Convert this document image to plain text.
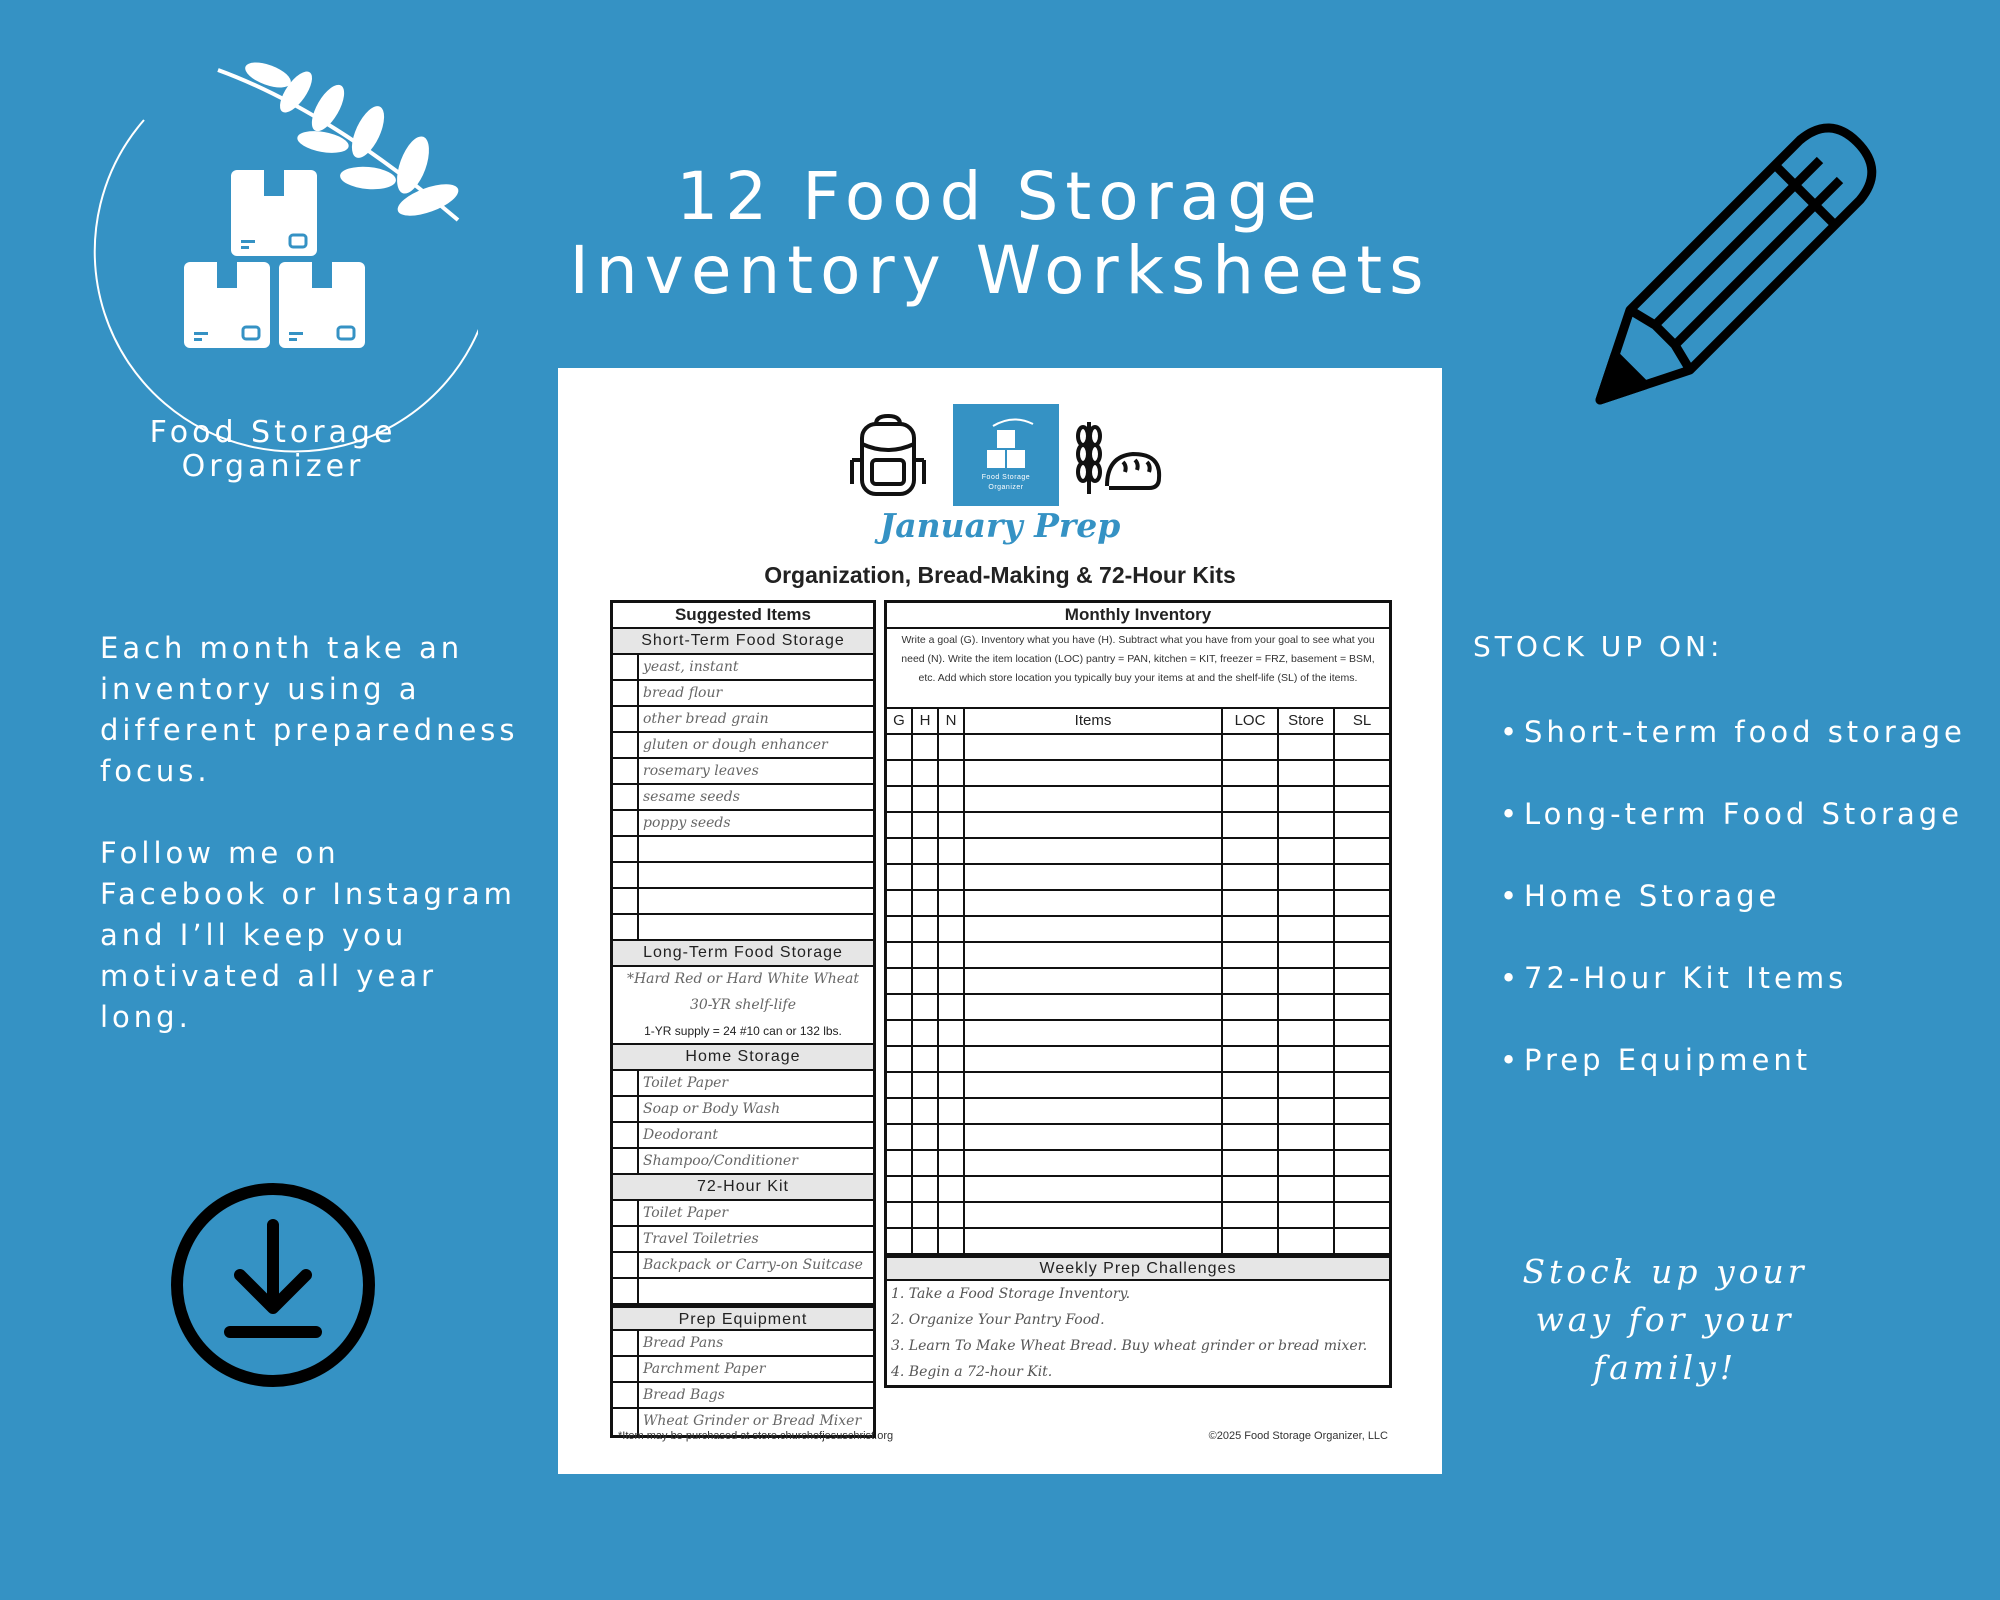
Food Storage
Organizer
12 Food Storage
Inventory Worksheets

Each month take an inventory using a different preparedness focus.

Follow me on Facebook or Instagram and I’ll keep you motivated all year long.

STOCK UP ON:
• Short-term food storage
• Long-term Food Storage
• Home Storage
• 72-Hour Kit Items
• Prep Equipment
Stock up your way for your family!
Food Storage
Organizer
January Prep
Organization, Bread-Making & 72-Hour Kits
Suggested Items
Short-Term Food Storage
yeast, instant
bread flour
other bread grain
gluten or dough enhancer
rosemary leaves
sesame seeds
poppy seeds
Long-Term Food Storage
*Hard Red or Hard White Wheat
30-YR shelf-life
1-YR supply = 24 #10 can or 132 lbs.
Home Storage
Toilet Paper
Soap or Body Wash
Deodorant
Shampoo/Conditioner
72-Hour Kit
Toilet Paper
Travel Toiletries
Backpack or Carry-on Suitcase
Prep Equipment
Bread Pans
Parchment Paper
Bread Bags
Wheat Grinder or Bread Mixer
Monthly Inventory
Write a goal (G). Inventory what you have (H). Subtract what you have from your goal to see what you need (N). Write the item location (LOC) pantry = PAN, kitchen = KIT, freezer = FRZ, basement = BSM, etc. Add which store location you typically buy your items at and the shelf-life (SL) of the items.
G H	N	Items	LOC	Store	SL
Weekly Prep Challenges
1. Take a Food Storage Inventory.
2. Organize Your Pantry Food.
3. Learn To Make Wheat Bread. Buy wheat grinder or bread mixer.
4. Begin a 72-hour Kit.
*Item may be purchased at store.churchofjesuschrist.org	©2025 Food Storage Organizer, LLC
